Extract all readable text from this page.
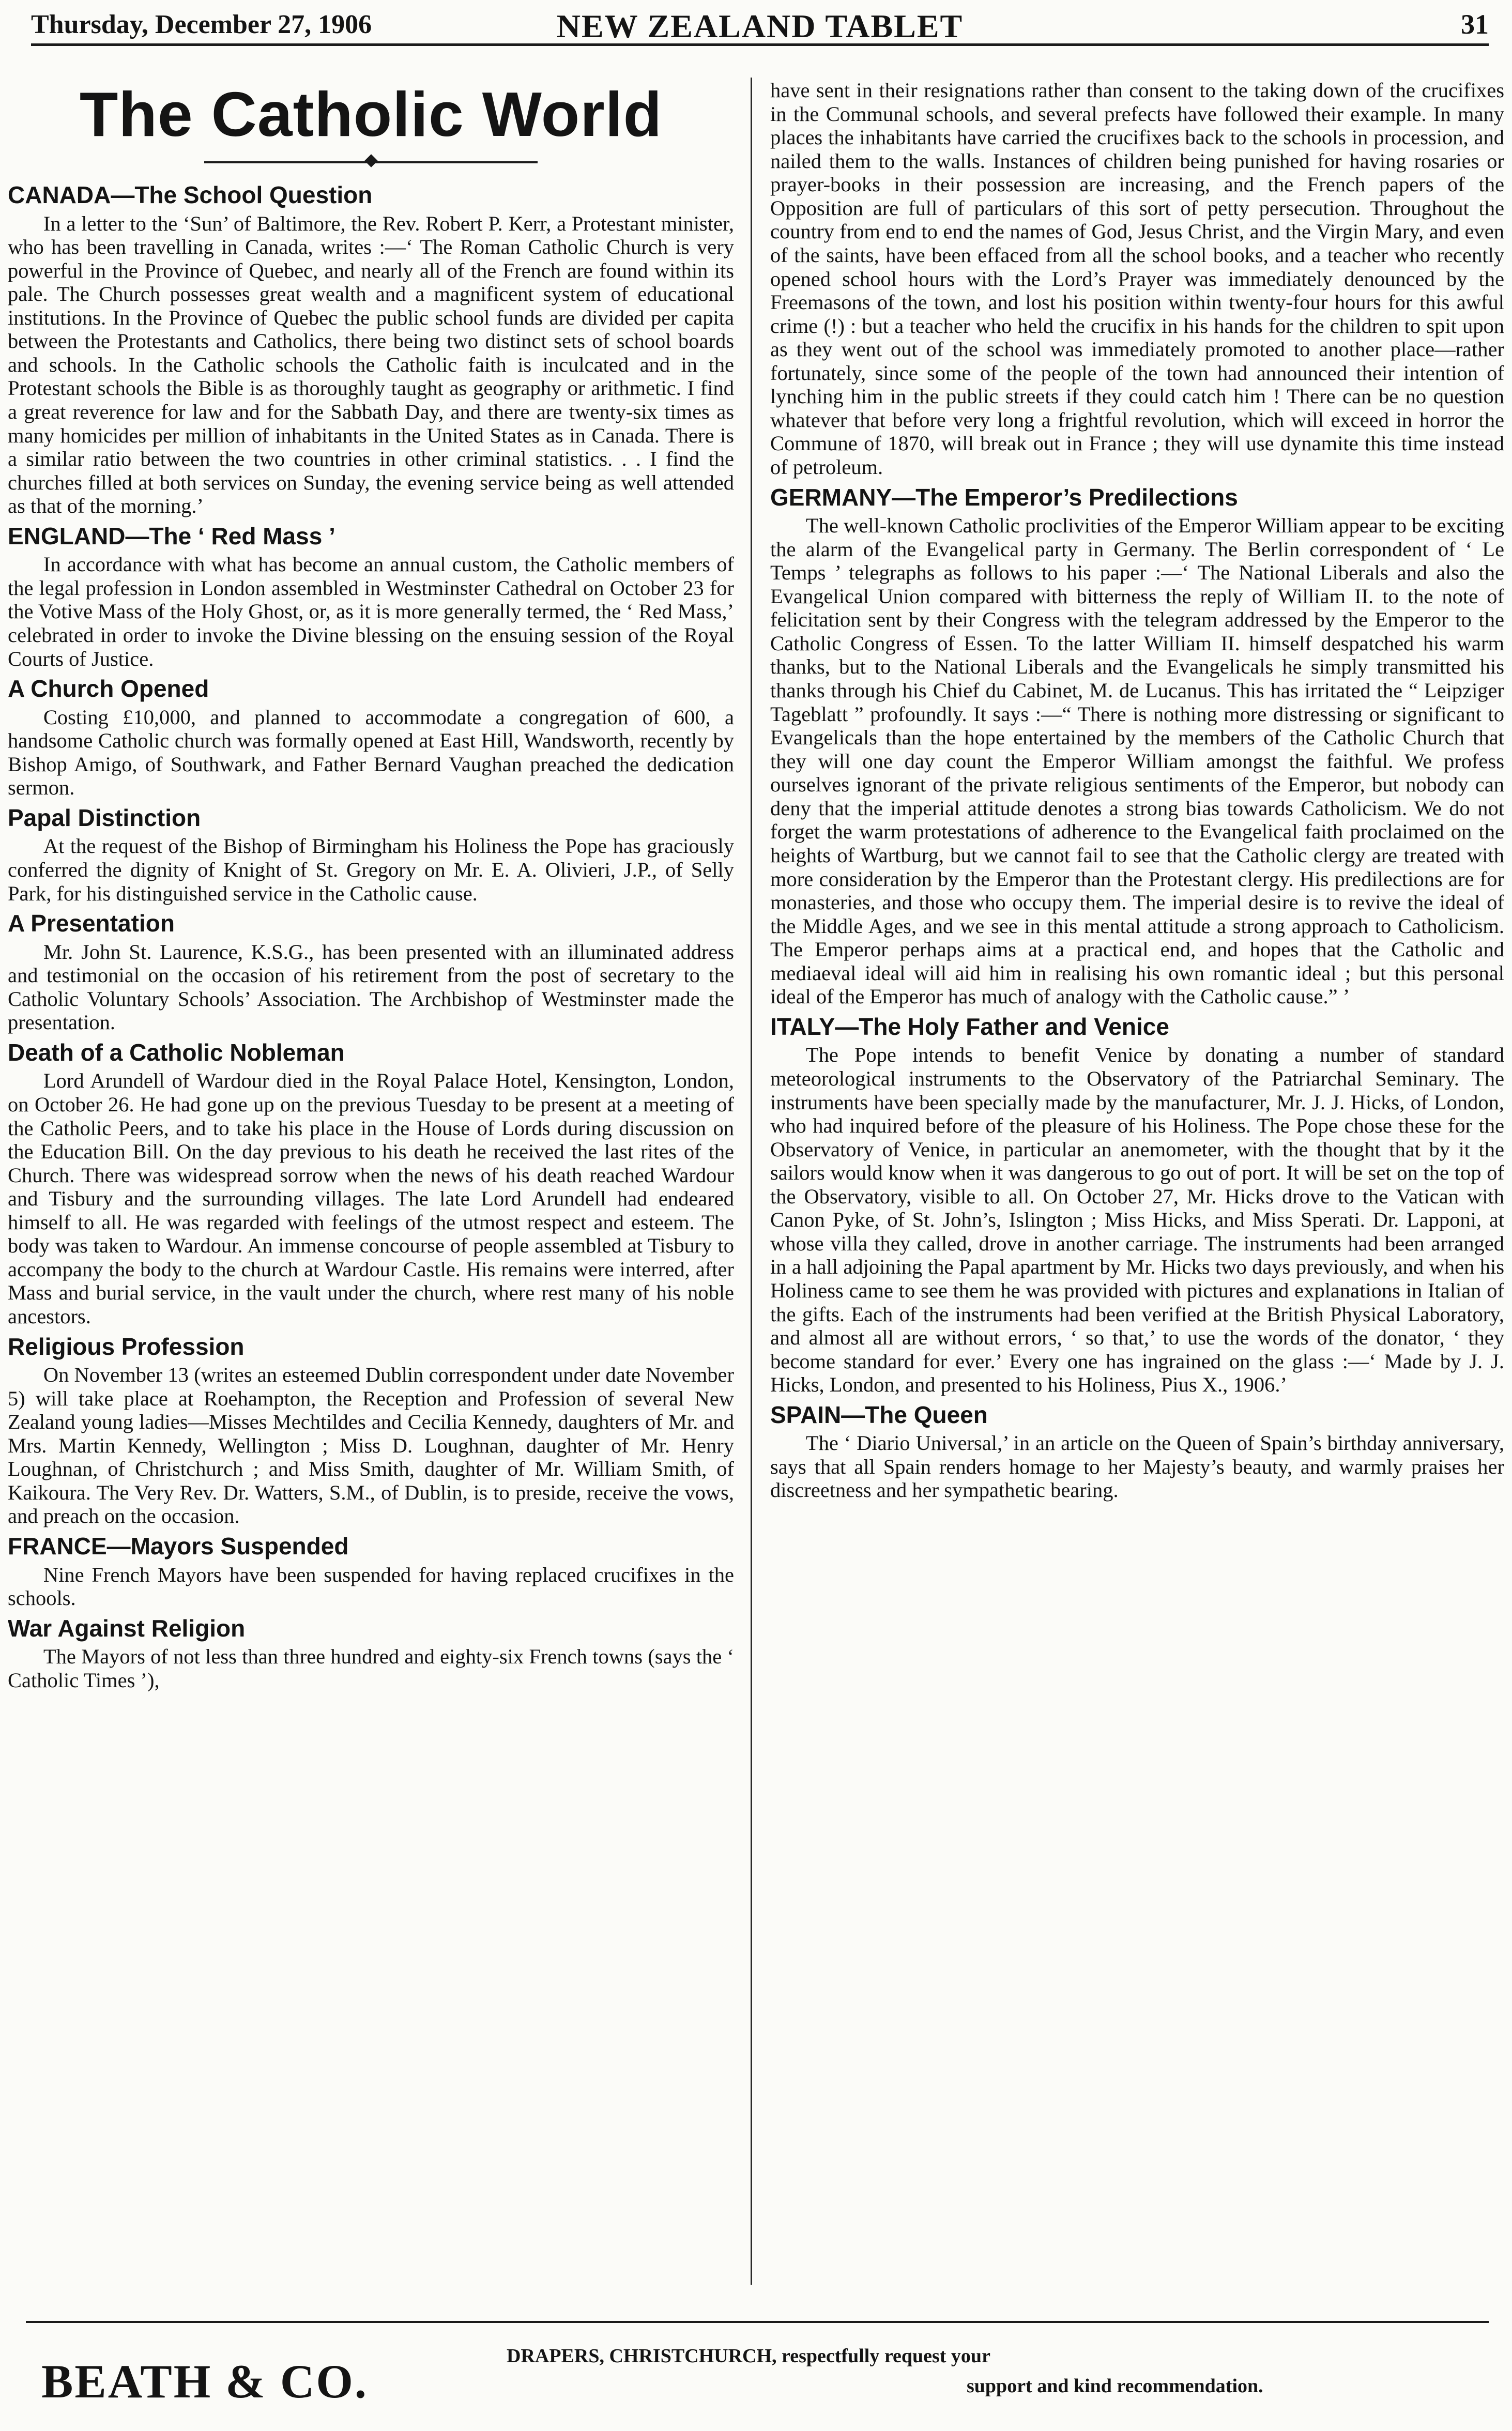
Thursday, December 27, 1906	NEW ZEALAND TABLET	31
The Catholic World
CANADA—The School Question

In a letter to the ‘Sun’ of Baltimore, the Rev. Robert P. Kerr, a Protestant minister, who has been travelling in Canada, writes :—‘ The Roman Catholic Church is very powerful in the Province of Quebec, and nearly all of the French are found within its pale. The Church possesses great wealth and a magnificent system of educational institutions. In the Province of Quebec the public school funds are divided per capita between the Protestants and Catholics, there being two distinct sets of school boards and schools. In the Catholic schools the Catholic faith is inculcated and in the Protestant schools the Bible is as thoroughly taught as geography or arithmetic. I find a great reverence for law and for the Sabbath Day, and there are twenty-six times as many homicides per million of inhabitants in the United States as in Canada. There is a similar ratio between the two countries in other criminal statistics. . . I find the churches filled at both services on Sunday, the evening service being as well attended as that of the morning.’

ENGLAND—The ‘ Red Mass ’

In accordance with what has become an annual custom, the Catholic members of the legal profession in London assembled in Westminster Cathedral on October 23 for the Votive Mass of the Holy Ghost, or, as it is more generally termed, the ‘ Red Mass,’ celebrated in order to invoke the Divine blessing on the ensuing session of the Royal Courts of Justice.

A Church Opened

Costing £10,000, and planned to accommodate a congregation of 600, a handsome Catholic church was formally opened at East Hill, Wandsworth, recently by Bishop Amigo, of Southwark, and Father Bernard Vaughan preached the dedication sermon.

Papal Distinction

At the request of the Bishop of Birmingham his Holiness the Pope has graciously conferred the dignity of Knight of St. Gregory on Mr. E. A. Olivieri, J.P., of Selly Park, for his distinguished service in the Catholic cause.

A Presentation

Mr. John St. Laurence, K.S.G., has been presented with an illuminated address and testimonial on the occasion of his retirement from the post of secretary to the Catholic Voluntary Schools’ Association. The Archbishop of Westminster made the presentation.

Death of a Catholic Nobleman

Lord Arundell of Wardour died in the Royal Palace Hotel, Kensington, London, on October 26. He had gone up on the previous Tuesday to be present at a meeting of the Catholic Peers, and to take his place in the House of Lords during discussion on the Education Bill. On the day previous to his death he received the last rites of the Church. There was widespread sorrow when the news of his death reached Wardour and Tisbury and the surrounding villages. The late Lord Arundell had endeared himself to all. He was regarded with feelings of the utmost respect and esteem. The body was taken to Wardour. An immense concourse of people assembled at Tisbury to accompany the body to the church at Wardour Castle. His remains were interred, after Mass and burial service, in the vault under the church, where rest many of his noble ancestors.

Religious Profession

On November 13 (writes an esteemed Dublin correspondent under date November 5) will take place at Roehampton, the Reception and Profession of several New Zealand young ladies—Misses Mechtildes and Cecilia Kennedy, daughters of Mr. and Mrs. Martin Kennedy, Wellington ; Miss D. Loughnan, daughter of Mr. Henry Loughnan, of Christchurch ; and Miss Smith, daughter of Mr. William Smith, of Kaikoura. The Very Rev. Dr. Watters, S.M., of Dublin, is to preside, receive the vows, and preach on the occasion.

FRANCE—Mayors Suspended

Nine French Mayors have been suspended for having replaced crucifixes in the schools.

War Against Religion

The Mayors of not less than three hundred and eighty-six French towns (says the ‘ Catholic Times ’),

have sent in their resignations rather than consent to the taking down of the crucifixes in the Communal schools, and several prefects have followed their example. In many places the inhabitants have carried the crucifixes back to the schools in procession, and nailed them to the walls. Instances of children being punished for having rosaries or prayer-books in their possession are increasing, and the French papers of the Opposition are full of particulars of this sort of petty persecution. Throughout the country from end to end the names of God, Jesus Christ, and the Virgin Mary, and even of the saints, have been effaced from all the school books, and a teacher who recently opened school hours with the Lord’s Prayer was immediately denounced by the Freemasons of the town, and lost his position within twenty-four hours for this awful crime (!) : but a teacher who held the crucifix in his hands for the children to spit upon as they went out of the school was immediately promoted to another place—rather fortunately, since some of the people of the town had announced their intention of lynching him in the public streets if they could catch him ! There can be no question whatever that before very long a frightful revolution, which will exceed in horror the Commune of 1870, will break out in France ; they will use dynamite this time instead of petroleum.

GERMANY—The Emperor’s Predilections

The well-known Catholic proclivities of the Emperor William appear to be exciting the alarm of the Evangelical party in Germany. The Berlin correspondent of ‘ Le Temps ’ telegraphs as follows to his paper :—‘ The National Liberals and also the Evangelical Union compared with bitterness the reply of William II. to the note of felicitation sent by their Congress with the telegram addressed by the Emperor to the Catholic Congress of Essen. To the latter William II. himself despatched his warm thanks, but to the National Liberals and the Evangelicals he simply transmitted his thanks through his Chief du Cabinet, M. de Lucanus. This has irritated the “ Leipziger Tageblatt ” profoundly. It says :—“ There is nothing more distressing or significant to Evangelicals than the hope entertained by the members of the Catholic Church that they will one day count the Emperor William amongst the faithful. We profess ourselves ignorant of the private religious sentiments of the Emperor, but nobody can deny that the imperial attitude denotes a strong bias towards Catholicism. We do not forget the warm protestations of adherence to the Evangelical faith proclaimed on the heights of Wartburg, but we cannot fail to see that the Catholic clergy are treated with more consideration by the Emperor than the Protestant clergy. His predilections are for monasteries, and those who occupy them. The imperial desire is to revive the ideal of the Middle Ages, and we see in this mental attitude a strong approach to Catholicism. The Emperor perhaps aims at a practical end, and hopes that the Catholic and mediaeval ideal will aid him in realising his own romantic ideal ; but this personal ideal of the Emperor has much of analogy with the Catholic cause.” ’

ITALY—The Holy Father and Venice

The Pope intends to benefit Venice by donating a number of standard meteorological instruments to the Observatory of the Patriarchal Seminary. The instruments have been specially made by the manufacturer, Mr. J. J. Hicks, of London, who had inquired before of the pleasure of his Holiness. The Pope chose these for the Observatory of Venice, in particular an anemometer, with the thought that by it the sailors would know when it was dangerous to go out of port. It will be set on the top of the Observatory, visible to all. On October 27, Mr. Hicks drove to the Vatican with Canon Pyke, of St. John’s, Islington ; Miss Hicks, and Miss Sperati. Dr. Lapponi, at whose villa they called, drove in another carriage. The instruments had been arranged in a hall adjoining the Papal apartment by Mr. Hicks two days previously, and when his Holiness came to see them he was provided with pictures and explanations in Italian of the gifts. Each of the instruments had been verified at the British Physical Laboratory, and almost all are without errors, ‘ so that,’ to use the words of the donator, ‘ they become standard for ever.’ Every one has ingrained on the glass :—‘ Made by J. J. Hicks, London, and presented to his Holiness, Pius X., 1906.’

SPAIN—The Queen

The ‘ Diario Universal,’ in an article on the Queen of Spain’s birthday anniversary, says that all Spain renders homage to her Majesty’s beauty, and warmly praises her discreetness and her sympathetic bearing.

BEATH & CO.	DRAPERS, CHRISTCHURCH, respectfully request your
support and kind recommendation.
